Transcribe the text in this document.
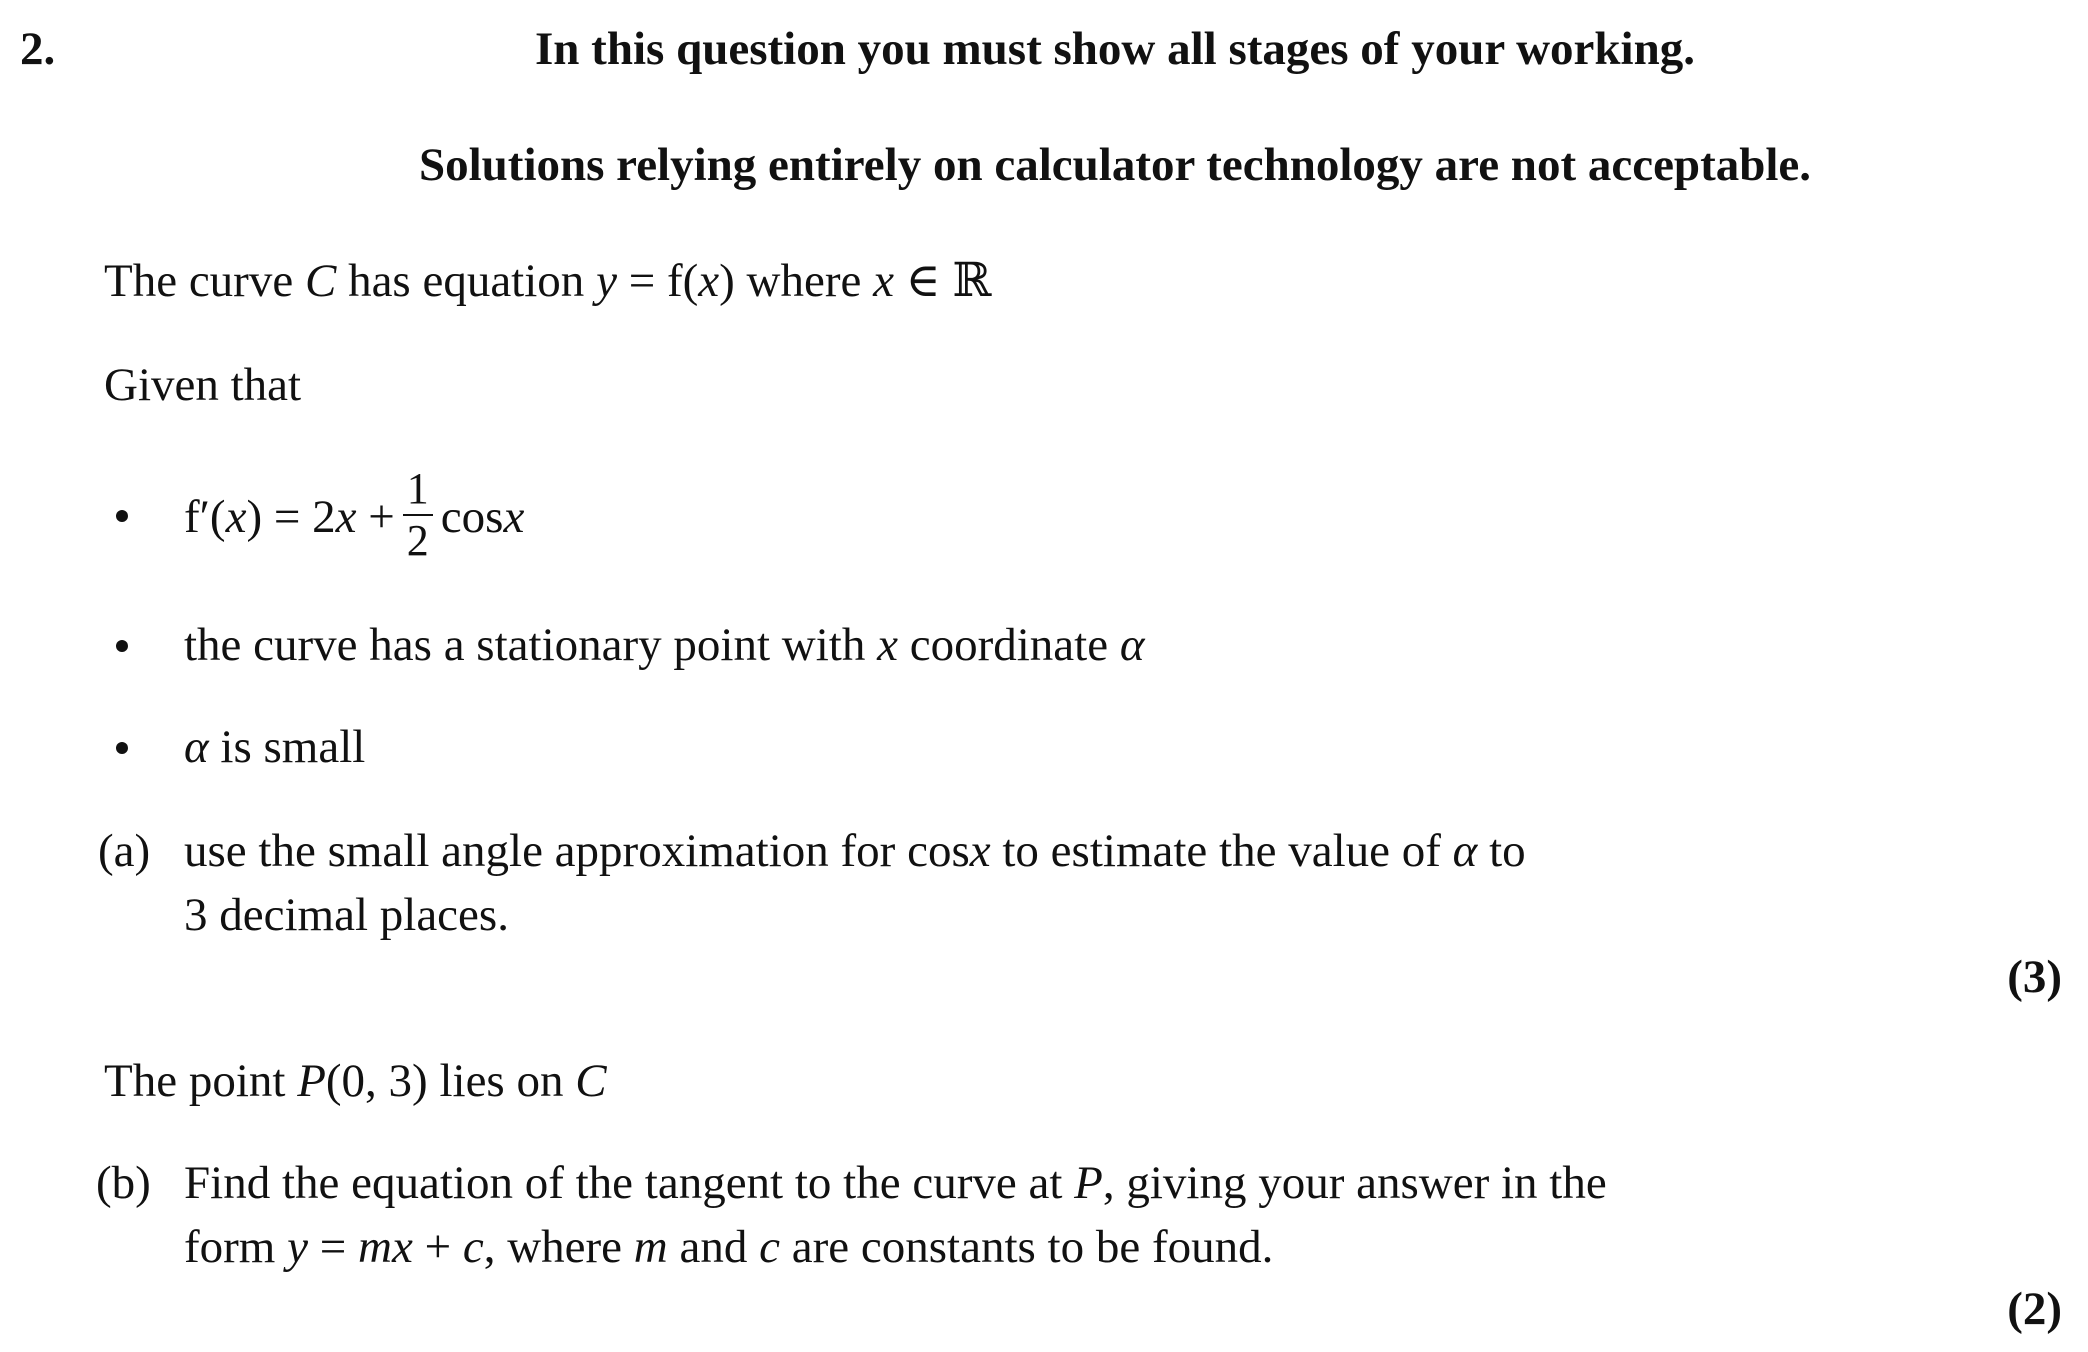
2.	In this question you must show all stages of your working.
Solutions relying entirely on calculator technology are not acceptable.
The curve C has equation y = f(x) where x ∈ ℝ
Given that
$f'(x) = 2x + \frac{1}{2}$ cosx
the curve has a stationary point with x coordinate α
α is small
(a) use the small angle approximation for cosx to estimate the value of α to
3 decimal places.
(3)
The point P(0, 3) lies on C
(b) Find the equation of the tangent to the curve at P, giving your answer in the
form y = mx + c, where m and c are constants to be found.
(2)
